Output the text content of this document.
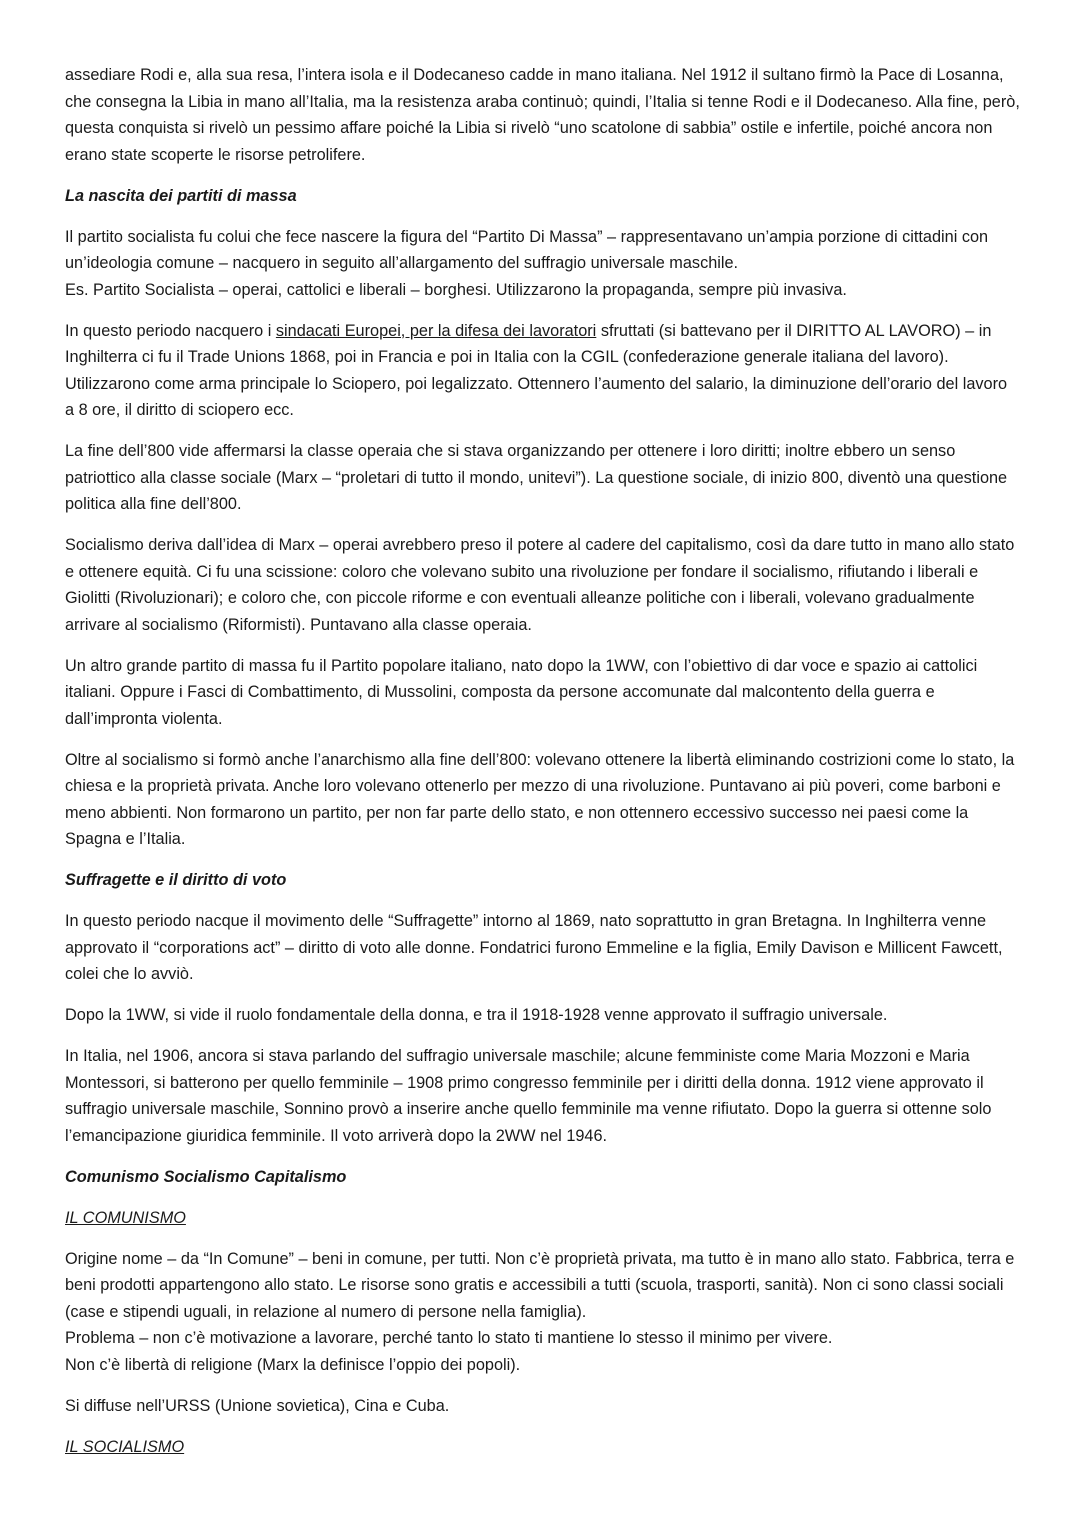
assediare Rodi e, alla sua resa, l’intera isola e il Dodecaneso cadde in mano italiana. Nel 1912 il sultano firmò la Pace di Losanna, che consegna la Libia in mano all’Italia, ma la resistenza araba continuò; quindi, l’Italia si tenne Rodi e il Dodecaneso. Alla fine, però, questa conquista si rivelò un pessimo affare poiché la Libia si rivelò “uno scatolone di sabbia” ostile e infertile, poiché ancora non erano state scoperte le risorse petrolifere.

La nascita dei partiti di massa

Il partito socialista fu colui che fece nascere la figura del “Partito Di Massa” – rappresentavano un’ampia porzione di cittadini con un’ideologia comune – nacquero in seguito all’allargamento del suffragio universale maschile.
Es. Partito Socialista – operai, cattolici e liberali – borghesi. Utilizzarono la propaganda, sempre più invasiva.

In questo periodo nacquero i sindacati Europei, per la difesa dei lavoratori sfruttati (si battevano per il DIRITTO AL LAVORO) – in Inghilterra ci fu il Trade Unions 1868, poi in Francia e poi in Italia con la CGIL (confederazione generale italiana del lavoro). Utilizzarono come arma principale lo Sciopero, poi legalizzato. Ottennero l’aumento del salario, la diminuzione dell’orario del lavoro a 8 ore, il diritto di sciopero ecc.

La fine dell’800 vide affermarsi la classe operaia che si stava organizzando per ottenere i loro diritti; inoltre ebbero un senso patriottico alla classe sociale (Marx – “proletari di tutto il mondo, unitevi”). La questione sociale, di inizio 800, diventò una questione politica alla fine dell’800.

Socialismo deriva dall’idea di Marx – operai avrebbero preso il potere al cadere del capitalismo, così da dare tutto in mano allo stato e ottenere equità. Ci fu una scissione: coloro che volevano subito una rivoluzione per fondare il socialismo, rifiutando i liberali e Giolitti (Rivoluzionari); e coloro che, con piccole riforme e con eventuali alleanze politiche con i liberali, volevano gradualmente arrivare al socialismo (Riformisti). Puntavano alla classe operaia.

Un altro grande partito di massa fu il Partito popolare italiano, nato dopo la 1WW, con l’obiettivo di dar voce e spazio ai cattolici italiani. Oppure i Fasci di Combattimento, di Mussolini, composta da persone accomunate dal malcontento della guerra e dall’impronta violenta.

Oltre al socialismo si formò anche l’anarchismo alla fine dell’800: volevano ottenere la libertà eliminando costrizioni come lo stato, la chiesa e la proprietà privata. Anche loro volevano ottenerlo per mezzo di una rivoluzione. Puntavano ai più poveri, come barboni e meno abbienti. Non formarono un partito, per non far parte dello stato, e non ottennero eccessivo successo nei paesi come la Spagna e l’Italia.

Suffragette e il diritto di voto

In questo periodo nacque il movimento delle “Suffragette” intorno al 1869, nato soprattutto in gran Bretagna. In Inghilterra venne approvato il “corporations act” – diritto di voto alle donne. Fondatrici furono Emmeline e la figlia, Emily Davison e Millicent Fawcett, colei che lo avviò.

Dopo la 1WW, si vide il ruolo fondamentale della donna, e tra il 1918-1928 venne approvato il suffragio universale.

In Italia, nel 1906, ancora si stava parlando del suffragio universale maschile; alcune femministe come Maria Mozzoni e Maria Montessori, si batterono per quello femminile – 1908 primo congresso femminile per i diritti della donna. 1912 viene approvato il suffragio universale maschile, Sonnino provò a inserire anche quello femminile ma venne rifiutato. Dopo la guerra si ottenne solo l’emancipazione giuridica femminile. Il voto arriverà dopo la 2WW nel 1946.

Comunismo Socialismo Capitalismo
IL COMUNISMO

Origine nome – da “In Comune” – beni in comune, per tutti. Non c’è proprietà privata, ma tutto è in mano allo stato. Fabbrica, terra e beni prodotti appartengono allo stato. Le risorse sono gratis e accessibili a tutti (scuola, trasporti, sanità). Non ci sono classi sociali (case e stipendi uguali, in relazione al numero di persone nella famiglia).
Problema – non c’è motivazione a lavorare, perché tanto lo stato ti mantiene lo stesso il minimo per vivere.
Non c’è libertà di religione (Marx la definisce l’oppio dei popoli).

Si diffuse nell’URSS (Unione sovietica), Cina e Cuba.

IL SOCIALISMO
